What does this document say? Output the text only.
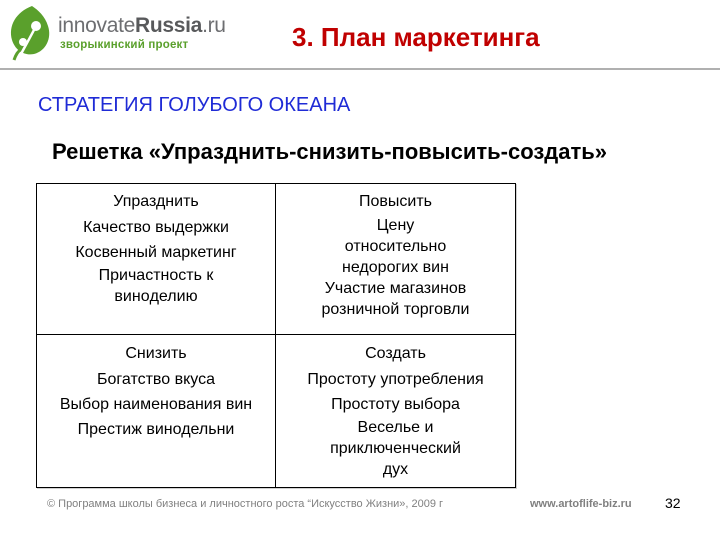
innovateRussia.ru
зворыкинский проект	3. План маркетинга
СТРАТЕГИЯ ГОЛУБОГО ОКЕАНА
Решетка «Упразднить-снизить-повысить-создать»
Упразднить
Качество выдержки
Косвенный маркетинг
Причастность к винoделию
Повысить
Цену относительно недорогих вин
Участие магазинов розничной торговли
Снизить
Богатство вкуса
Выбор наименования вин
Престиж винодельни
Создать
Простоту употребления
Простоту выбора
Веселье и приключенческий дух
© Программа школы бизнеса и личностного роста “Искусство Жизни», 2009 г	www.artoflife-biz.ru 32
